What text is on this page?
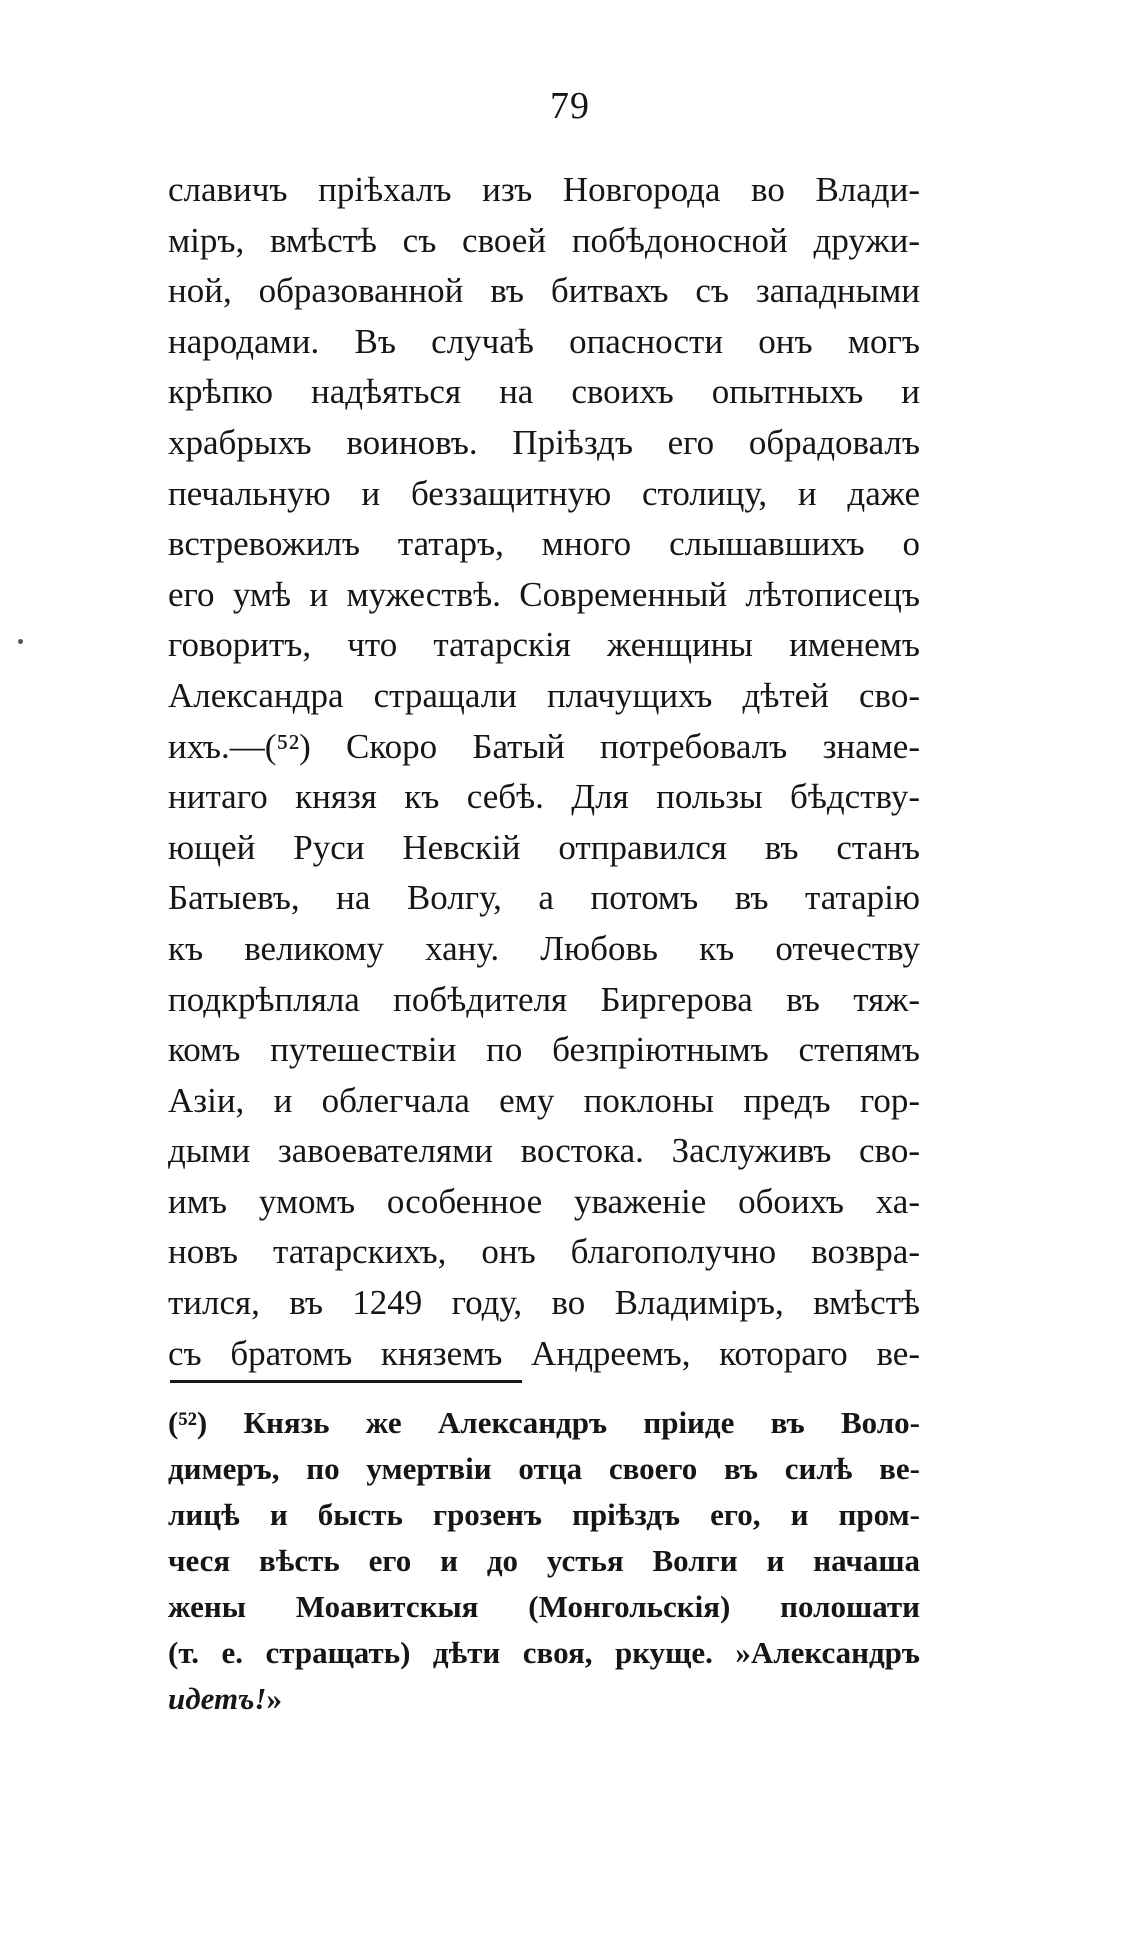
79
славичъ пріѣхалъ изъ Новгорода во Влади-
міръ, вмѣстѣ съ своей побѣдоносной дружи-
ной, образованной въ битвахъ съ западными
народами. Въ случаѣ опасности онъ могъ
крѣпко надѣяться на своихъ опытныхъ и
храбрыхъ воиновъ. Пріѣздъ его обрадовалъ
печальную и беззащитную столицу, и даже
встревожилъ татаръ, много слышавшихъ о
его умѣ и мужествѣ. Современный лѣтописецъ
говоритъ, что татарскія женщины именемъ
Александра стращали плачущихъ дѣтей сво-
ихъ.—(⁵²) Скоро Батый потребовалъ знаме-
нитаго князя къ себѣ. Для пользы бѣдству-
ющей Руси Невскій отправился въ станъ
Батыевъ, на Волгу, а потомъ въ татарію
къ великому хану. Любовь къ отечеству
подкрѣпляла побѣдителя Биргерова въ тяж-
комъ путешествіи по безпріютнымъ степямъ
Азіи, и облегчала ему поклоны предъ гор-
дыми завоевателями востока. Заслуживъ сво-
имъ умомъ особенное уваженіе обоихъ ха-
новъ татарскихъ, онъ благополучно возвра-
тился, въ 1249 году, во Владиміръ, вмѣстѣ
съ братомъ княземъ Андреемъ, котораго ве-
(⁵²) Князь же Александръ пріиде въ Воло-
димеръ, по умертвіи отца своего въ силѣ ве-
лицѣ и бысть грозенъ пріѣздъ его, и пром-
чеся вѣсть его и до устья Волги и начаша
жены Моавитскыя (Монгольскія) полошати
(т. е. стращать) дѣти своя, ркуще. »Александръ
идетъ!»
